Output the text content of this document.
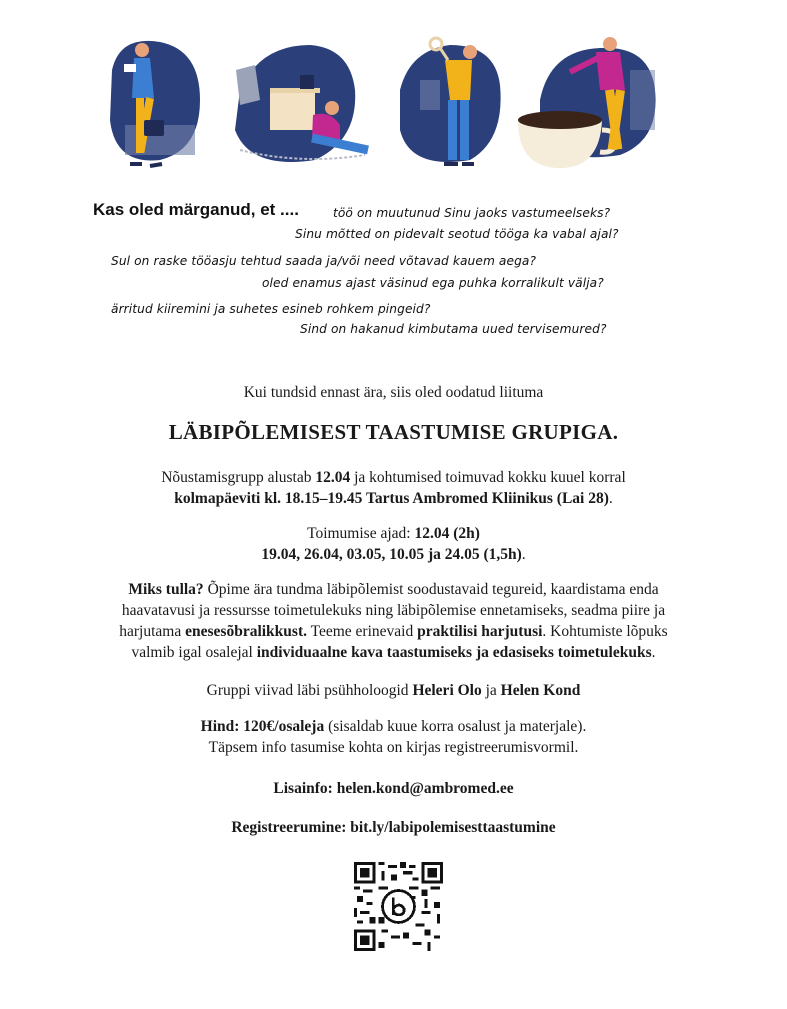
Kas oled märganud, et ....	töö on muutunud Sinu jaoks vastumeelseks?
Sinu mõtted on pidevalt seotud tööga ka vabal ajal?
Sul on raske tööasju tehtud saada ja/või need võtavad kauem aega?
oled enamus ajast väsinud ega puhka korralikult välja?
ärritud kiiremini ja suhetes esineb rohkem pingeid?
Sind on hakanud kimbutama uued tervisemured?
Kui tundsid ennast ära, siis oled oodatud liituma
LÄBIPÕLEMISEST TAASTUMISE GRUPIGA.
Nõustamisgrupp alustab 12.04 ja kohtumised toimuvad kokku kuuel korral
kolmapäeviti kl. 18.15–19.45 Tartus Ambromed Kliinikus (Lai 28).
Toimumise ajad: 12.04 (2h)
19.04, 26.04, 03.05, 10.05 ja 24.05 (1,5h).
Miks tulla? Õpime ära tundma läbipõlemist soodustavaid tegureid, kaardistama enda
haavatavusi ja ressursse toimetulekuks ning läbipõlemise ennetamiseks, seadma piire ja
harjutama enesesõbralikkust. Teeme erinevaid praktilisi harjutusi. Kohtumiste lõpuks
valmib igal osalejal individuaalne kava taastumiseks ja edasiseks toimetulekuks.
Gruppi viivad läbi psühholoogid Heleri Olo ja Helen Kond
Hind: 120€/osaleja (sisaldab kuue korra osalust ja materjale).
Täpsem info tasumise kohta on kirjas registreerumisvormil.
Lisainfo: helen.kond@ambromed.ee
Registreerumine: bit.ly/labipolemisesttaastumine
